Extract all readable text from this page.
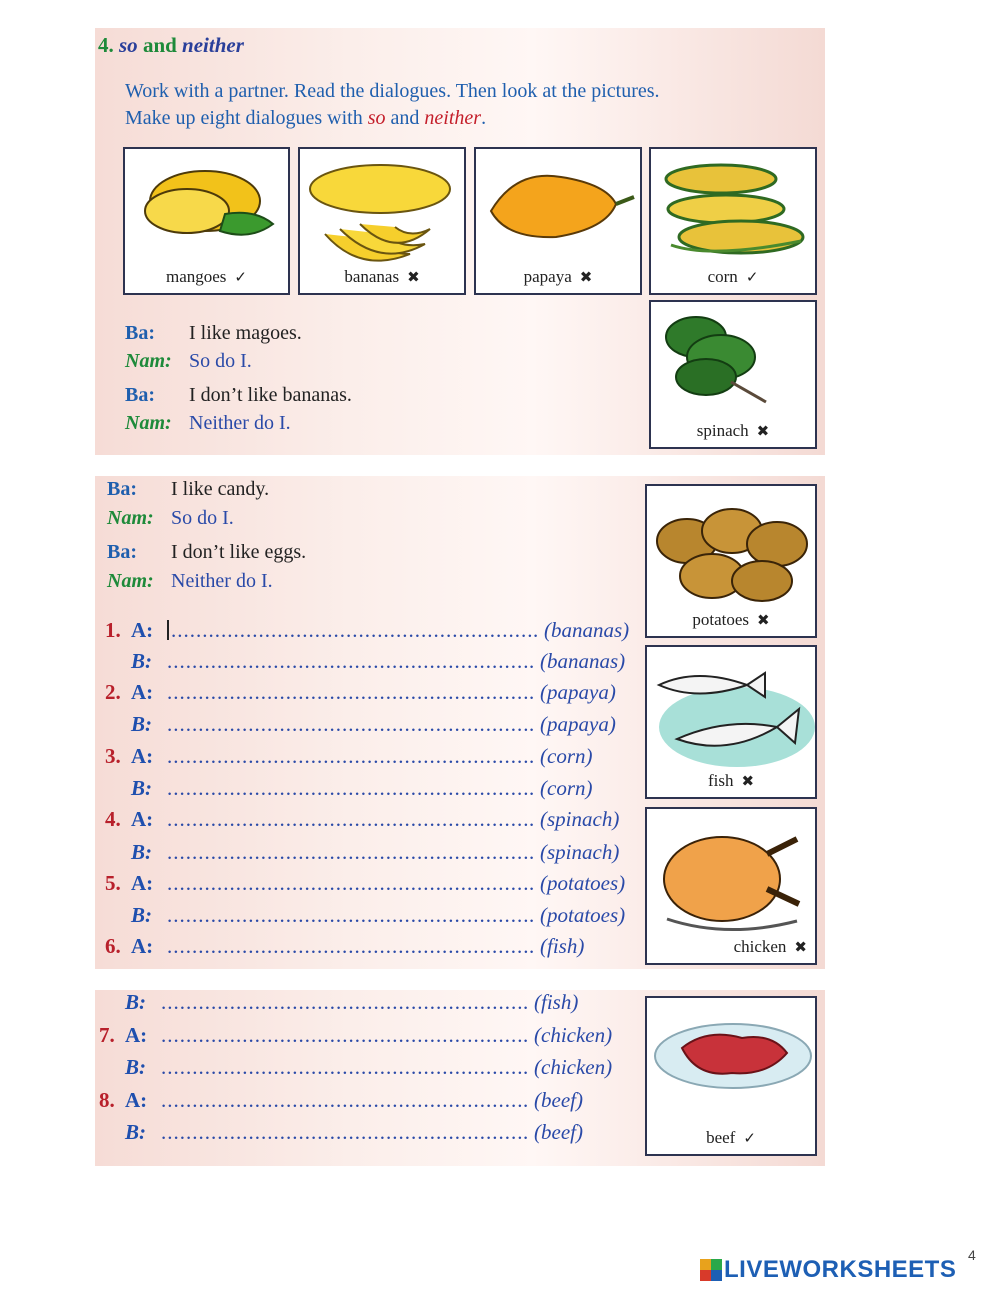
4. so and neither
Work with a partner. Read the dialogues. Then look at the pictures.
Make up eight dialogues with so and neither.
mangoes ✓	bananas ✖	papaya ✖	corn ✓
spinach ✖
Ba: I like magoes.
Nam: So do I.
Ba: I don’t like bananas.
Nam: Neither do I.
Ba: I like candy.
Nam: So do I.
Ba: I don’t like eggs.
Nam: Neither do I.
1. A: ........................................................... (bananas)
B: ........................................................... (bananas)
2. A: ........................................................... (papaya)
B: ........................................................... (papaya)
3. A: ........................................................... (corn)
B: ........................................................... (corn)
4. A: ........................................................... (spinach)
B: ........................................................... (spinach)
5. A: ........................................................... (potatoes)
B: ........................................................... (potatoes)
6. A: ........................................................... (fish)
potatoes ✖
fish ✖
chicken ✖
B: ........................................................... (fish)
7. A: ........................................................... (chicken)
B: ........................................................... (chicken)
8. A: ........................................................... (beef)
B: ........................................................... (beef)	beef ✓
LIVEWORKSHEETS
4
